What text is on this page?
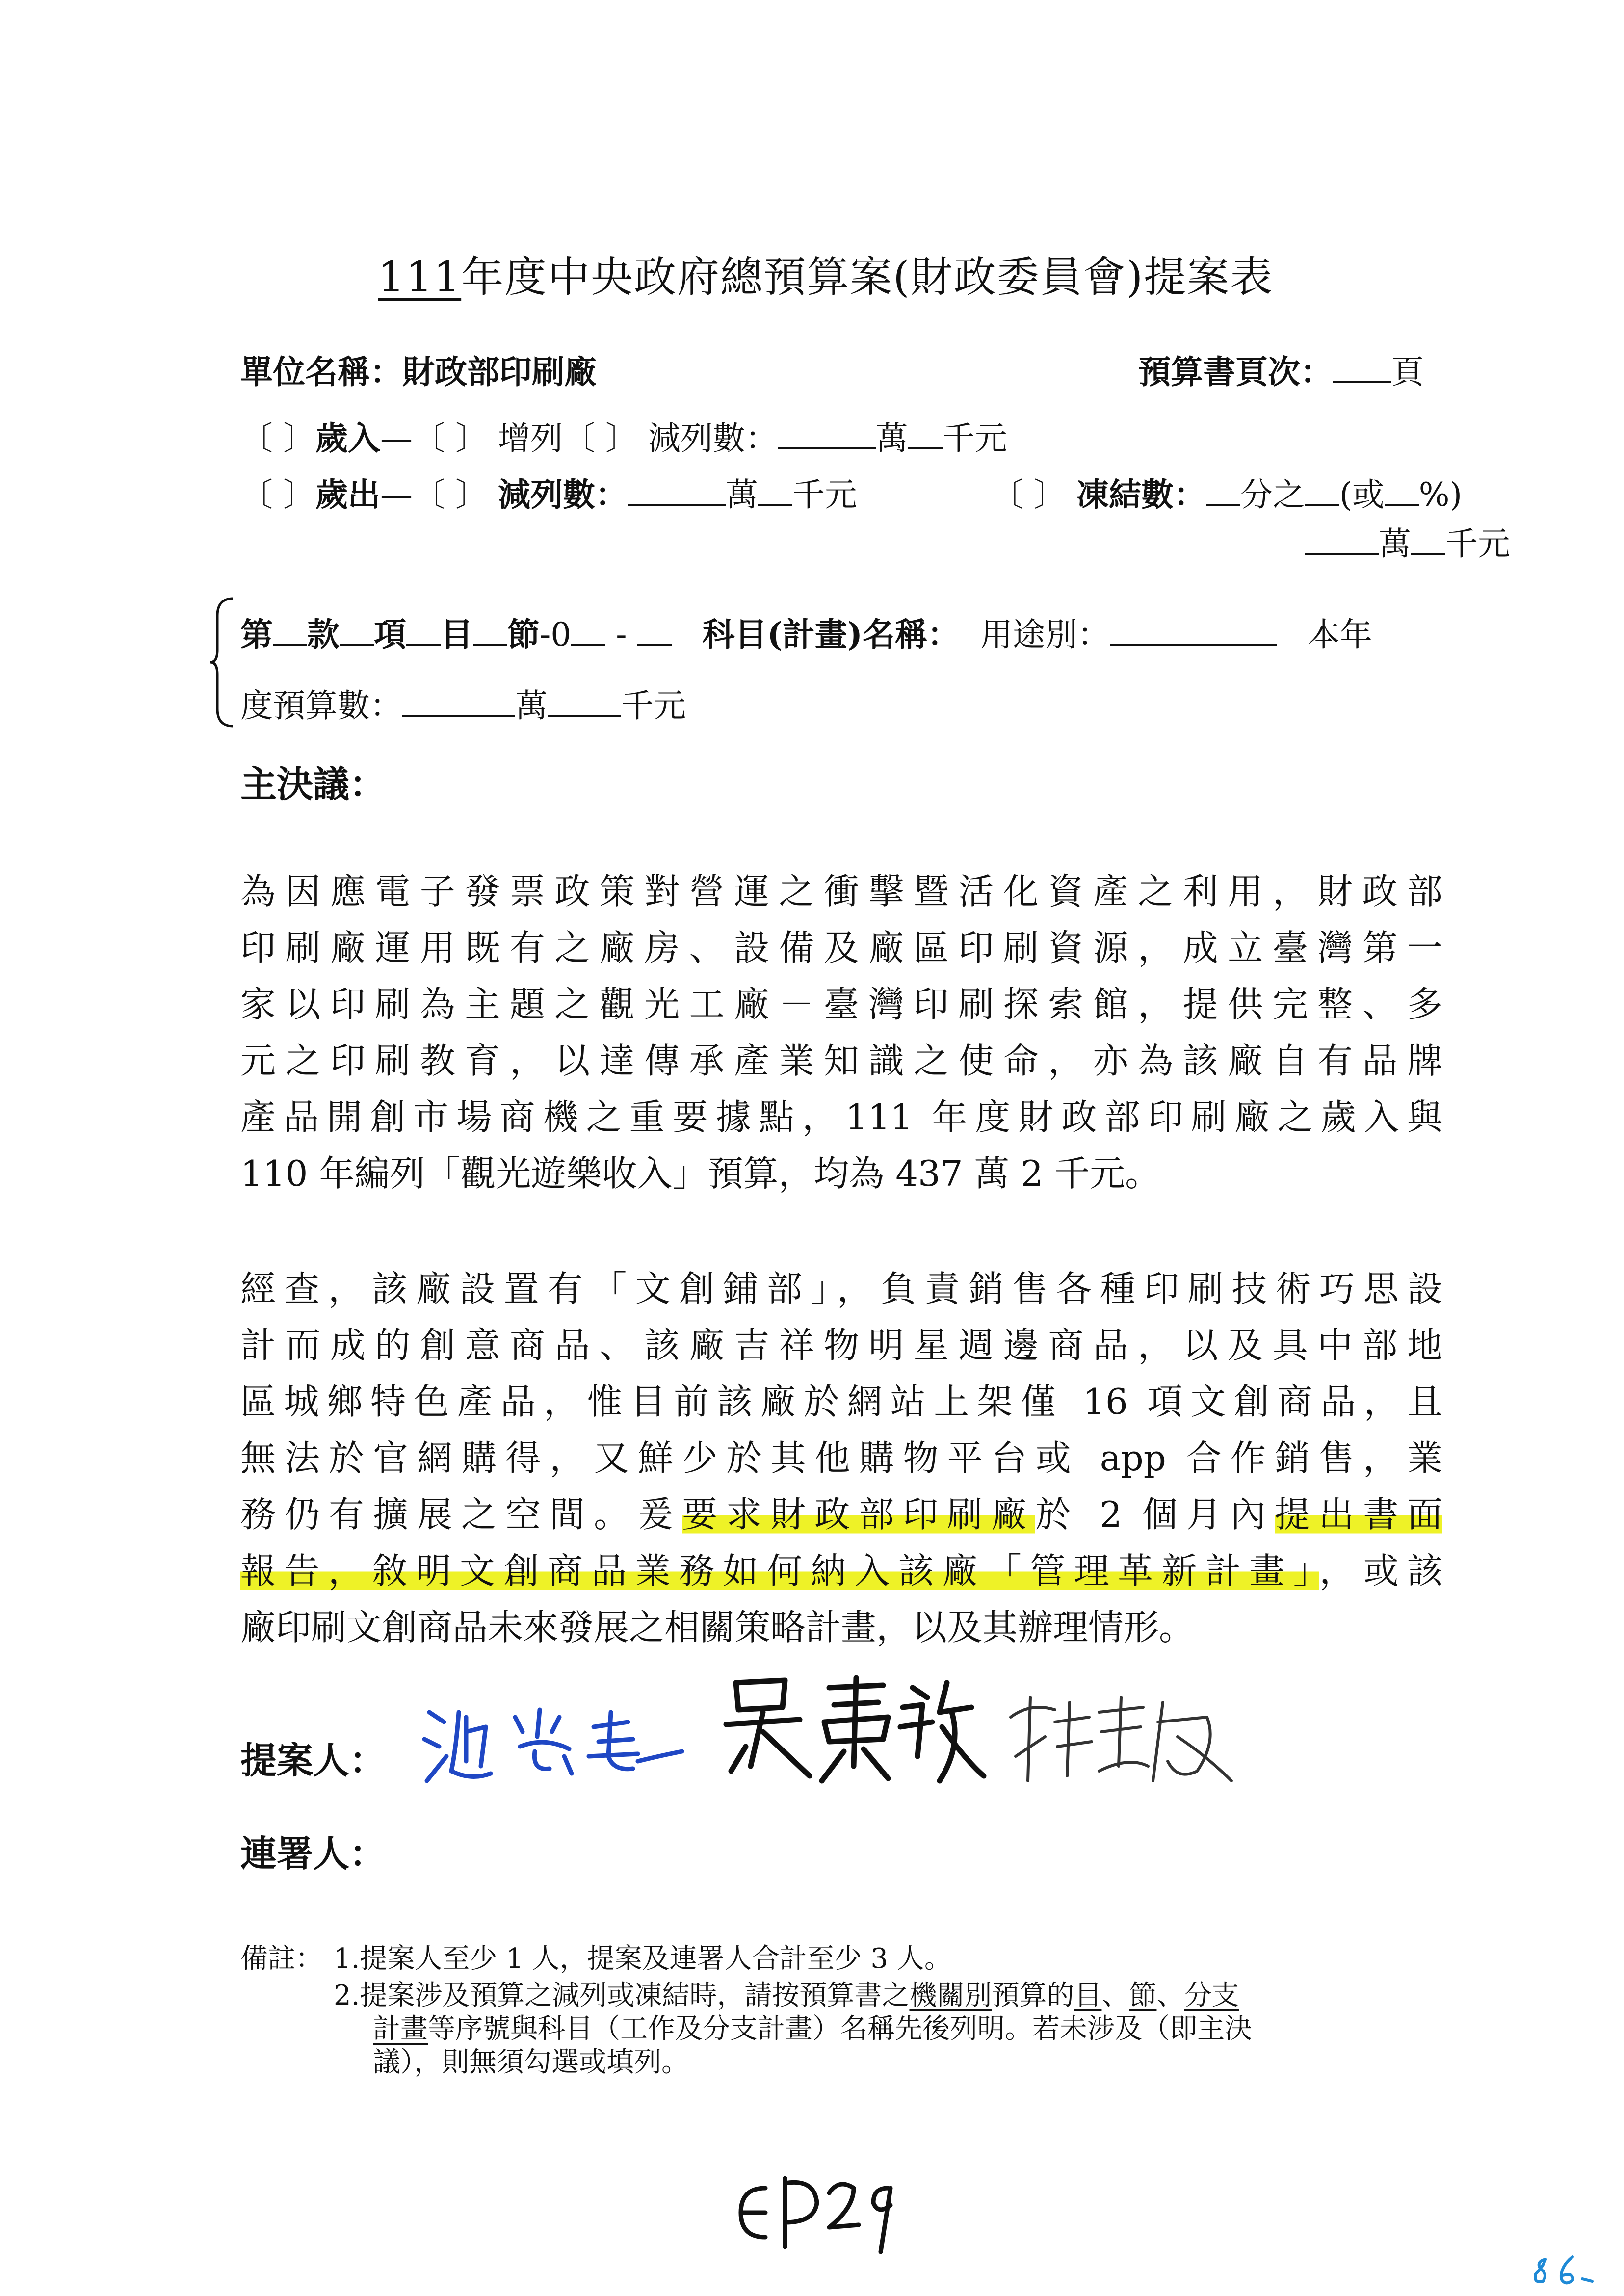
111年度中央政府總預算案(財政委員會)提案表
單位名稱：財政部印刷廠	預算書頁次： 頁
〔 〕歲入—〔 〕 增列〔 〕 減列數：	萬 千元
〔 〕歲出—〔 〕 減列數：	萬 千元	〔 〕 凍結數： 分之 (或 %)
萬 千元
第 款 項 目 節-0 - 科目(計畫)名稱： 用途別：	本年
度預算數：	萬 千元
主決議：
為因應電子發票政策對營運之衝擊暨活化資產之利用，財政部
印刷廠運用既有之廠房、設備及廠區印刷資源，成立臺灣第一
家以印刷為主題之觀光工廠－臺灣印刷探索館，提供完整、多
元之印刷教育，以達傳承產業知識之使命，亦為該廠自有品牌
產品開創市場商機之重要據點，111 年度財政部印刷廠之歲入與
110 年編列「觀光遊樂收入」預算，均為 437 萬 2 千元。
經查，該廠設置有「文創鋪部」，負責銷售各種印刷技術巧思設
計而成的創意商品、該廠吉祥物明星週邊商品，以及具中部地
區城鄉特色產品，惟目前該廠於網站上架僅 16 項文創商品，且
無法於官網購得，又鮮少於其他購物平台或 app 合作銷售，業
務仍有擴展之空間。爰要求財政部印刷廠於 2 個月內提出書面
報告，敘明文創商品業務如何納入該廠「管理革新計畫」，或該
廠印刷文創商品未來發展之相關策略計畫，以及其辦理情形。
提案人：
連署人：
備註： 1.提案人至少 1 人，提案及連署人合計至少 3 人。
2.提案涉及預算之減列或凍結時，請按預算書之機關別預算的目、節、分支
計畫等序號與科目（工作及分支計畫）名稱先後列明。若未涉及（即主決
議），則無須勾選或填列。
